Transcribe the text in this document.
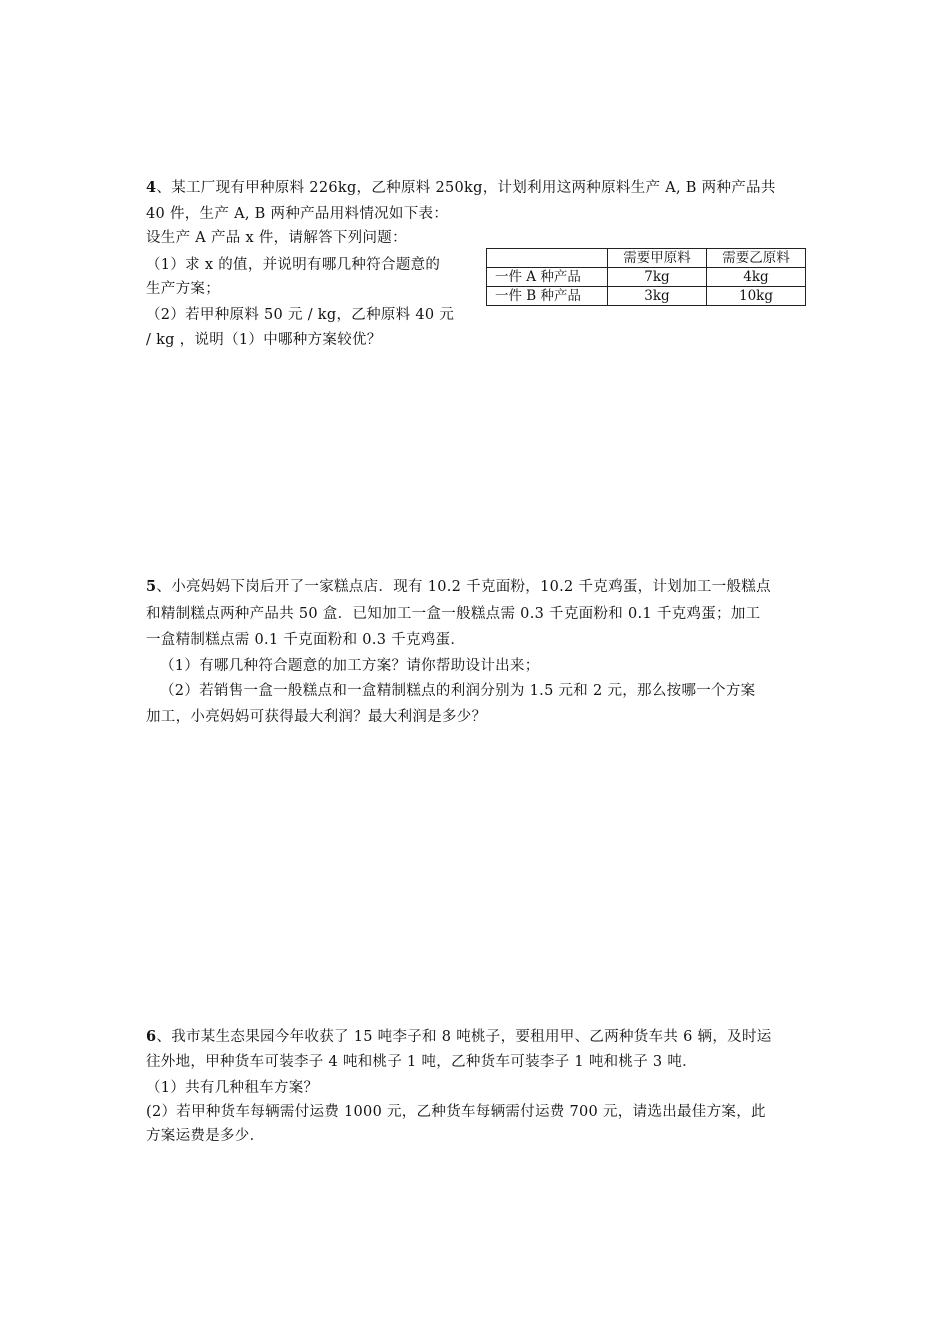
4、某工厂现有甲种原料 226kg，乙种原料 250kg，计划利用这两种原料生产 A, B 两种产品共
40 件，生产 A, B 两种产品用料情况如下表：
设生产 A 产品 x 件，请解答下列问题：
（1）求 x 的值，并说明有哪几种符合题意的
生产方案；
（2）若甲种原料 50 元 / kg，乙种原料 40 元
/ kg ，说明（1）中哪种方案较优？
	需要甲原料	需要乙原料
一件 A 种产品	7kg	4kg
一件 B 种产品	3kg	10kg
5、小亮妈妈下岗后开了一家糕点店．现有 10.2 千克面粉，10.2 千克鸡蛋，计划加工一般糕点
和精制糕点两种产品共 50 盒．已知加工一盒一般糕点需 0.3 千克面粉和 0.1 千克鸡蛋；加工
一盒精制糕点需 0.1 千克面粉和 0.3 千克鸡蛋．
（1）有哪几种符合题意的加工方案？请你帮助设计出来；
（2）若销售一盒一般糕点和一盒精制糕点的利润分别为 1.5 元和 2 元，那么按哪一个方案
加工，小亮妈妈可获得最大利润？最大利润是多少？
6、我市某生态果园今年收获了 15 吨李子和 8 吨桃子，要租用甲、乙两种货车共 6 辆，及时运
往外地，甲种货车可装李子 4 吨和桃子 1 吨，乙种货车可装李子 1 吨和桃子 3 吨．
（1）共有几种租车方案？
(2）若甲种货车每辆需付运费 1000 元，乙种货车每辆需付运费 700 元，请选出最佳方案，此
方案运费是多少．
